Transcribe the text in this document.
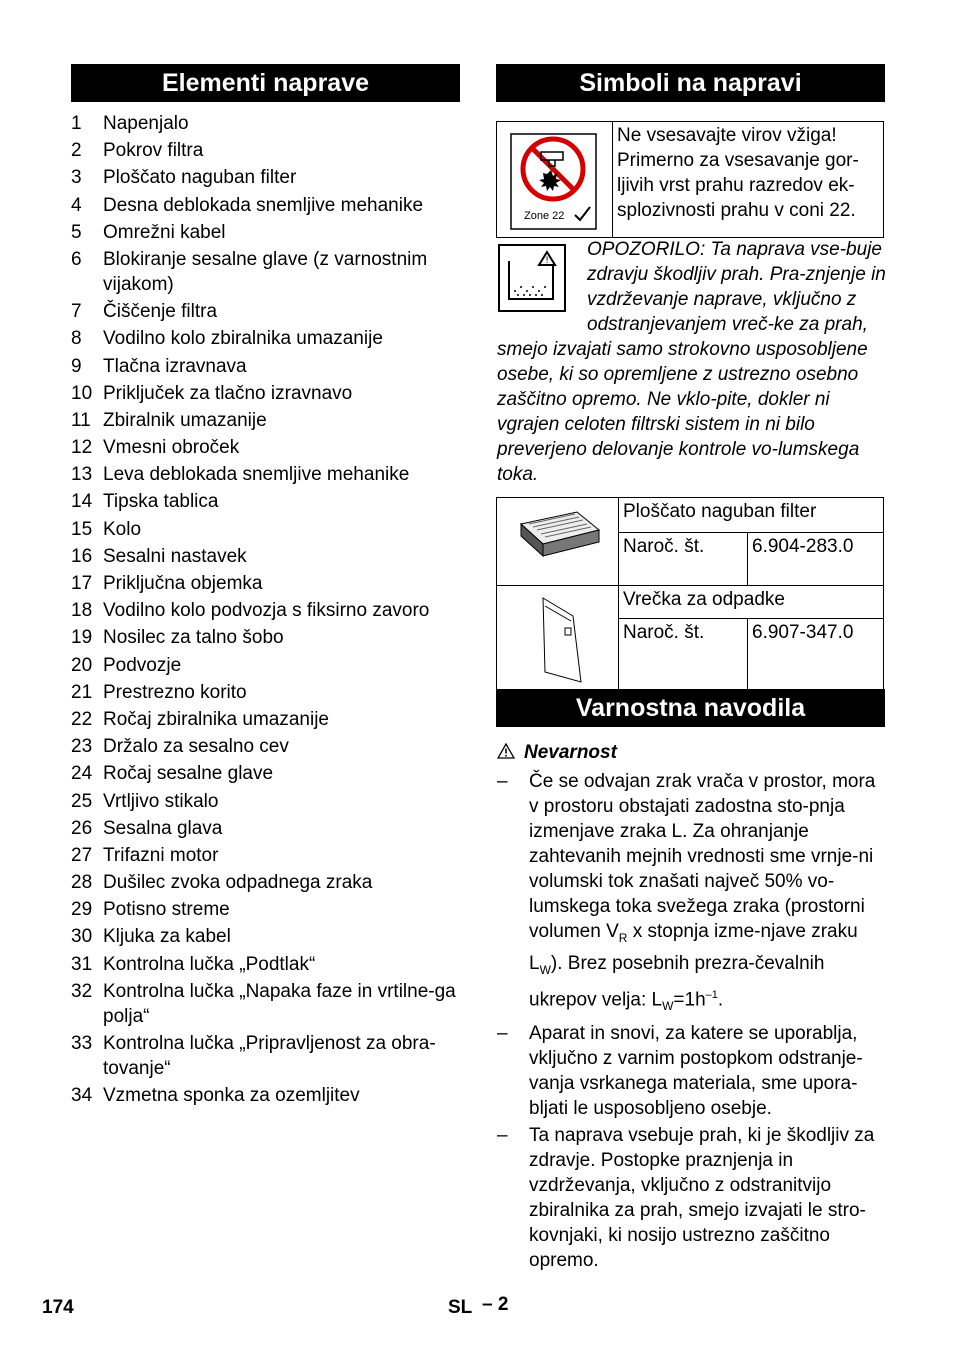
Elementi naprave
1	Napenjalo
2	Pokrov filtra
3	Ploščato naguban filter
4	Desna deblokada snemljive mehanike
5	Omrežni kabel
6	Blokiranje sesalne glave (z varnostnim vijakom)
7	Čiščenje filtra
8	Vodilno kolo zbiralnika umazanije
9	Tlačna izravnava
10 Priključek za tlačno izravnavo
11 Zbiralnik umazanije
12 Vmesni obroček
13 Leva deblokada snemljive mehanike
14 Tipska tablica
15 Kolo
16 Sesalni nastavek
17 Priključna objemka
18 Vodilno kolo podvozja s fiksirno zavoro
19 Nosilec za talno šobo
20 Podvozje
21 Prestrezno korito
22 Ročaj zbiralnika umazanije
23 Držalo za sesalno cev
24 Ročaj sesalne glave
25 Vrtljivo stikalo
26 Sesalna glava
27 Trifazni motor
28 Dušilec zvoka odpadnega zraka
29 Potisno streme
30 Kljuka za kabel
31 Kontrolna lučka „Podtlak“
32 Kontrolna lučka „Napaka faze in vrtilne-ga polja“
33 Kontrolna lučka „Pripravljenost za obra-tovanje“
34 Vzmetna sponka za ozemljitev
Simboli na napravi
Zone 22
Ne vsesavajte virov vžiga! Primerno za vsesavanje gor-ljivih vrst prahu razredov ek-splozivnosti prahu v coni 22.
!
OPOZORILO: Ta naprava vse-buje zdravju škodljiv prah. Pra-znjenje in vzdrževanje naprave, vključno z odstranjevanjem vreč-ke za prah, smejo izvajati samo strokovno usposobljene osebe, ki so opremljene z ustrezno osebno zaščitno opremo. Ne vklo-pite, dokler ni vgrajen celoten filtrski sistem in ni bilo preverjeno delovanje kontrole vo-lumskega toka.
	Ploščato naguban filter	
	Naroč. št.	6.904-283.0
	Vrečka za odpadke	
	Naroč. št.	6.907-347.0
Varnostna navodila
Nevarnost
–	Če se odvajan zrak vrača v prostor, mora v prostoru obstajati zadostna sto-pnja izmenjave zraka L. Za ohranjanje zahtevanih mejnih vrednosti sme vrnje-ni volumski tok znašati največ 50% vo-lumskega toka svežega zraka (prostorni volumen $V_R$ x stopnja izme-njave zraku $L_W$). Brez posebnih prezra-čevalnih ukrepov velja: $L_W=1h^{-1}$.
–	Aparat in snovi, za katere se uporablja, vključno z varnim postopkom odstranje-vanja vsrkanega materiala, sme upora-bljati le usposobljeno osebje.
–	Ta naprava vsebuje prah, ki je škodljiv za zdravje. Postopke praznjenja in vzdrževanja, vključno z odstranitvijo zbiralnika za prah, smejo izvajati le stro-kovnjaki, ki nosijo ustrezno zaščitno opremo.
174	SL – 2
